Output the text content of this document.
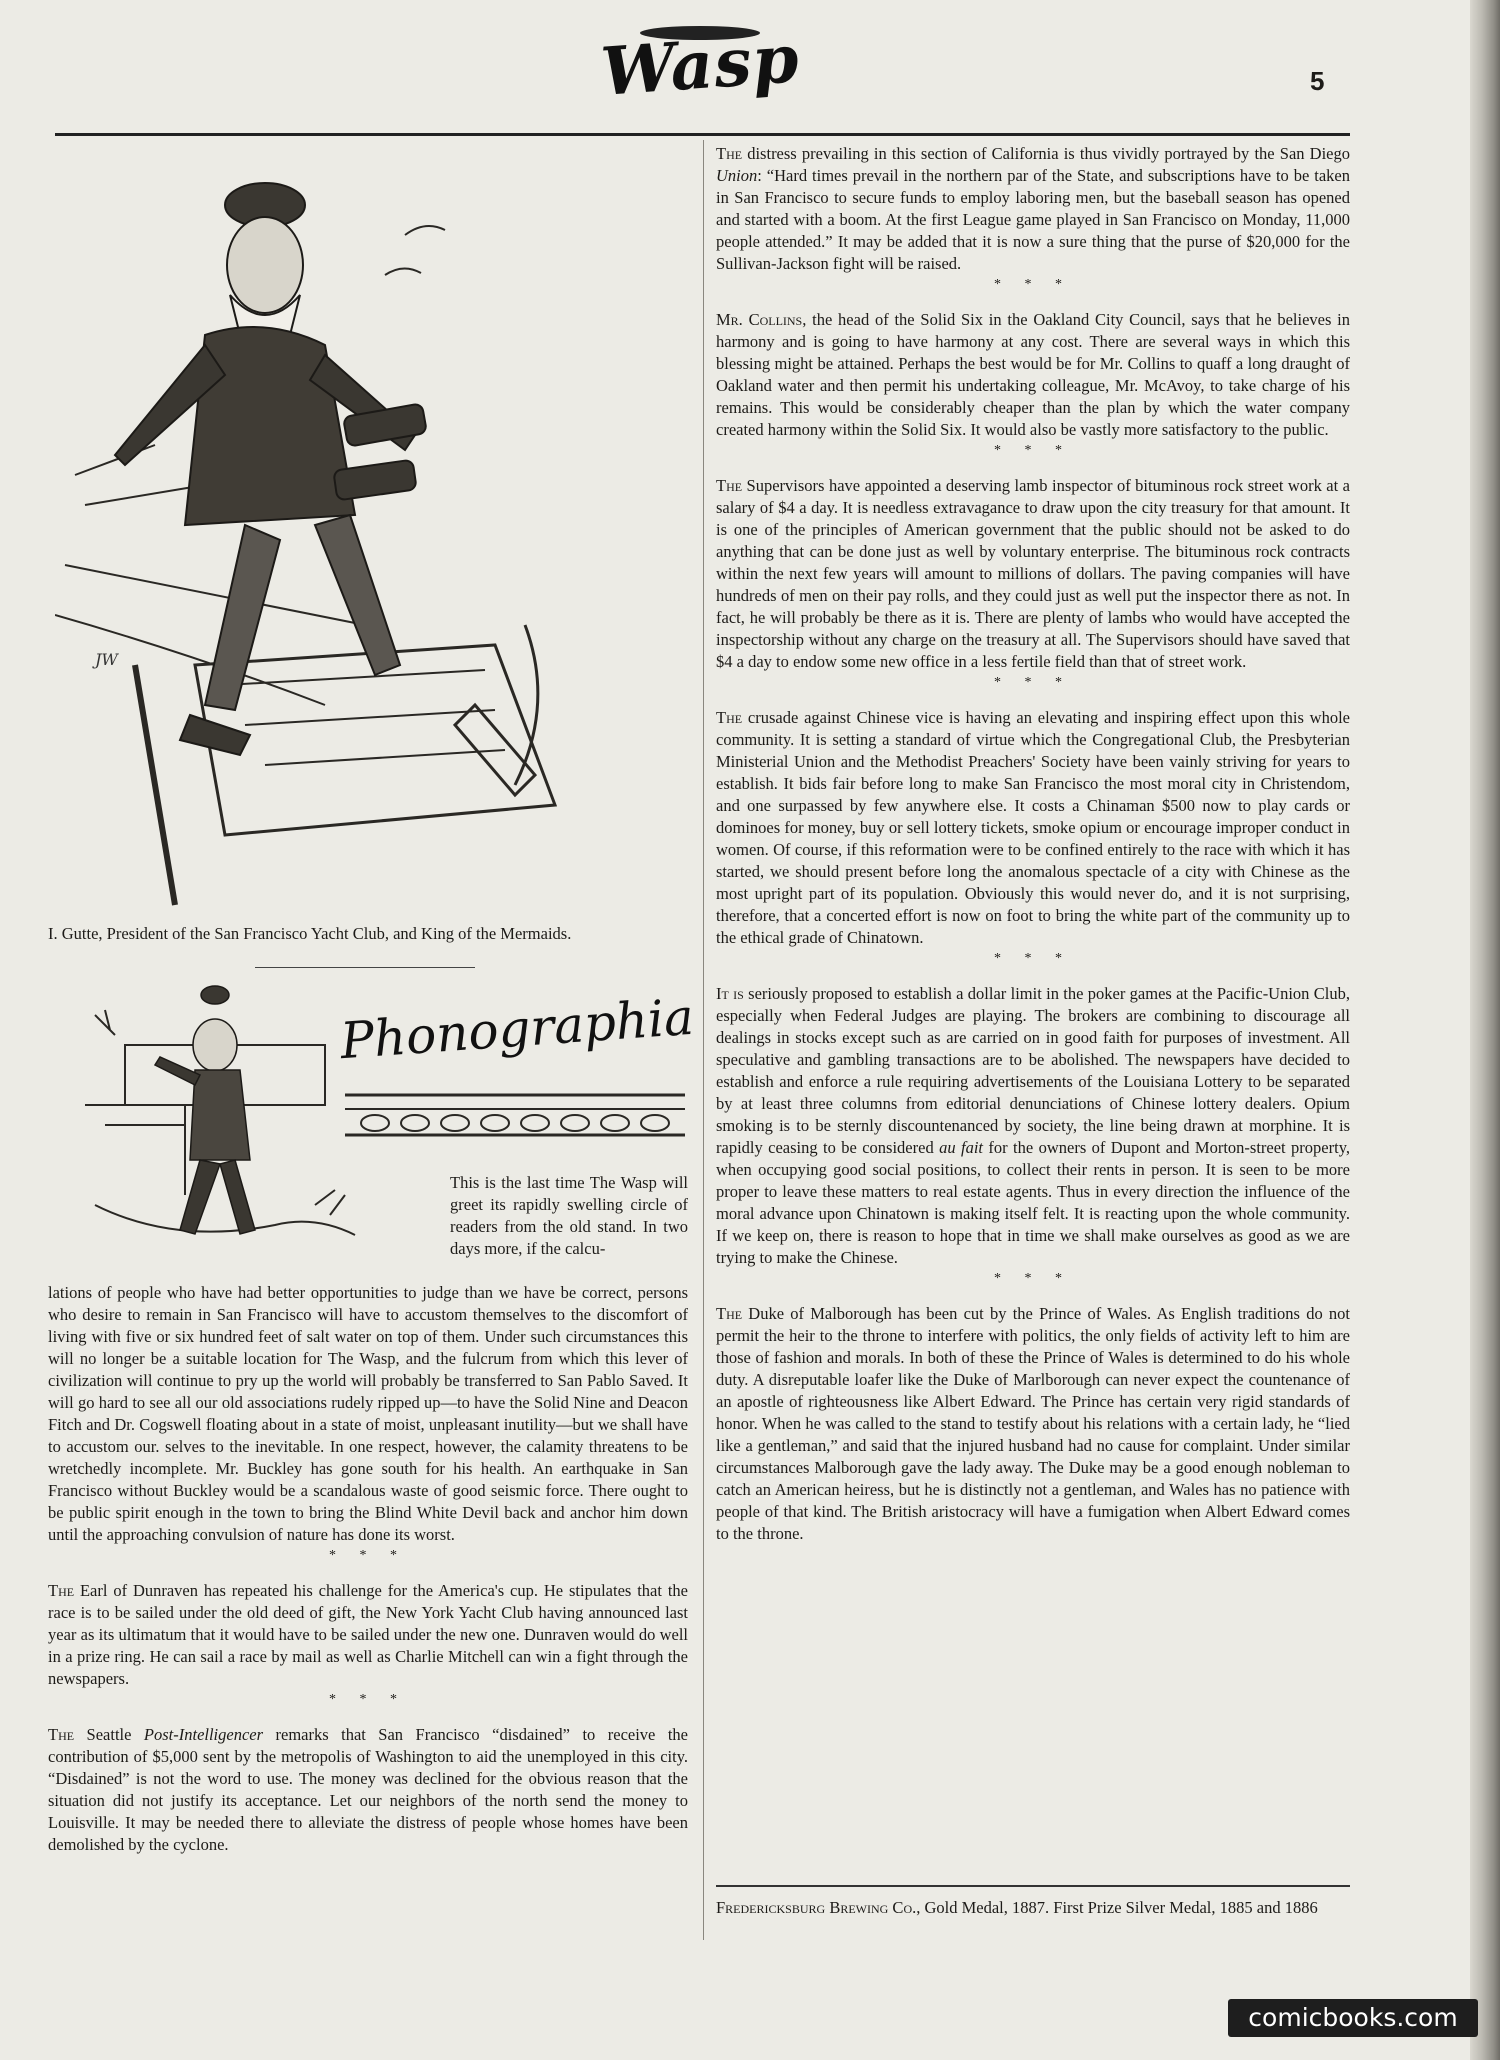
Wasp	5
JW
I. Gutte, President of the San Francisco Yacht Club, and King of the Mermaids.
Phonographia

This is the last time The Wasp will greet its rapidly swelling circle of readers from the old stand. In two days more, if the calcu-

lations of people who have had better opportunities to judge than we have be correct, persons who desire to remain in San Francisco will have to accustom themselves to the discomfort of living with five or six hundred feet of salt water on top of them. Under such circumstances this will no longer be a suitable location for The Wasp, and the fulcrum from which this lever of civilization will continue to pry up the world will probably be transferred to San Pablo Saved. It will go hard to see all our old associations rudely ripped up—to have the Solid Nine and Deacon Fitch and Dr. Cogswell floating about in a state of moist, unpleasant inutility—but we shall have to accustom our. selves to the inevitable. In one respect, however, the calamity threatens to be wretchedly incomplete. Mr. Buckley has gone south for his health. An earthquake in San Francisco without Buckley would be a scandalous waste of good seismic force. There ought to be public spirit enough in the town to bring the Blind White Devil back and anchor him down until the approaching convulsion of nature has done its worst.

* * *

The Earl of Dunraven has repeated his challenge for the America's cup. He stipulates that the race is to be sailed under the old deed of gift, the New York Yacht Club having announced last year as its ultimatum that it would have to be sailed under the new one. Dunraven would do well in a prize ring. He can sail a race by mail as well as Charlie Mitchell can win a fight through the newspapers.

* * *

The Seattle Post-Intelligencer remarks that San Francisco “disdained” to receive the contribution of $5,000 sent by the metropolis of Washington to aid the unemployed in this city. “Disdained” is not the word to use. The money was declined for the obvious reason that the situation did not justify its acceptance. Let our neighbors of the north send the money to Louisville. It may be needed there to alleviate the distress of people whose homes have been demolished by the cyclone.

The distress prevailing in this section of California is thus vividly portrayed by the San Diego Union: “Hard times prevail in the northern par of the State, and subscriptions have to be taken in San Francisco to secure funds to employ laboring men, but the baseball season has opened and started with a boom. At the first League game played in San Francisco on Monday, 11,000 people attended.” It may be added that it is now a sure thing that the purse of $20,000 for the Sullivan-Jackson fight will be raised.

* * *

Mr. Collins, the head of the Solid Six in the Oakland City Council, says that he believes in harmony and is going to have harmony at any cost. There are several ways in which this blessing might be attained. Perhaps the best would be for Mr. Collins to quaff a long draught of Oakland water and then permit his undertaking colleague, Mr. McAvoy, to take charge of his remains. This would be considerably cheaper than the plan by which the water company created harmony within the Solid Six. It would also be vastly more satisfactory to the public.

* * *

The Supervisors have appointed a deserving lamb inspector of bituminous rock street work at a salary of $4 a day. It is needless extravagance to draw upon the city treasury for that amount. It is one of the principles of American government that the public should not be asked to do anything that can be done just as well by voluntary enterprise. The bituminous rock contracts within the next few years will amount to millions of dollars. The paving companies will have hundreds of men on their pay rolls, and they could just as well put the inspector there as not. In fact, he will probably be there as it is. There are plenty of lambs who would have accepted the inspectorship without any charge on the treasury at all. The Supervisors should have saved that $4 a day to endow some new office in a less fertile field than that of street work.

* * *

The crusade against Chinese vice is having an elevating and inspiring effect upon this whole community. It is setting a standard of virtue which the Congregational Club, the Presbyterian Ministerial Union and the Methodist Preachers' Society have been vainly striving for years to establish. It bids fair before long to make San Francisco the most moral city in Christendom, and one surpassed by few anywhere else. It costs a Chinaman $500 now to play cards or dominoes for money, buy or sell lottery tickets, smoke opium or encourage improper conduct in women. Of course, if this reformation were to be confined entirely to the race with which it has started, we should present before long the anomalous spectacle of a city with Chinese as the most upright part of its population. Obviously this would never do, and it is not surprising, therefore, that a concerted effort is now on foot to bring the white part of the community up to the ethical grade of Chinatown.

* * *

It is seriously proposed to establish a dollar limit in the poker games at the Pacific-Union Club, especially when Federal Judges are playing. The brokers are combining to discourage all dealings in stocks except such as are carried on in good faith for purposes of investment. All speculative and gambling transactions are to be abolished. The newspapers have decided to establish and enforce a rule requiring advertisements of the Louisiana Lottery to be separated by at least three columns from editorial denunciations of Chinese lottery dealers. Opium smoking is to be sternly discountenanced by society, the line being drawn at morphine. It is rapidly ceasing to be considered au fait for the owners of Dupont and Morton-street property, when occupying good social positions, to collect their rents in person. It is seen to be more proper to leave these matters to real estate agents. Thus in every direction the influence of the moral advance upon Chinatown is making itself felt. It is reacting upon the whole community. If we keep on, there is reason to hope that in time we shall make ourselves as good as we are trying to make the Chinese.

* * *

The Duke of Malborough has been cut by the Prince of Wales. As English traditions do not permit the heir to the throne to interfere with politics, the only fields of activity left to him are those of fashion and morals. In both of these the Prince of Wales is determined to do his whole duty. A disreputable loafer like the Duke of Marlborough can never expect the countenance of an apostle of righteousness like Albert Edward. The Prince has certain very rigid standards of honor. When he was called to the stand to testify about his relations with a certain lady, he “lied like a gentleman,” and said that the injured husband had no cause for complaint. Under similar circumstances Malborough gave the lady away. The Duke may be a good enough nobleman to catch an American heiress, but he is distinctly not a gentleman, and Wales has no patience with people of that kind. The British aristocracy will have a fumigation when Albert Edward comes to the throne.

Fredericksburg Brewing Co., Gold Medal, 1887. First Prize Silver Medal, 1885 and 1886

comicbooks.com
